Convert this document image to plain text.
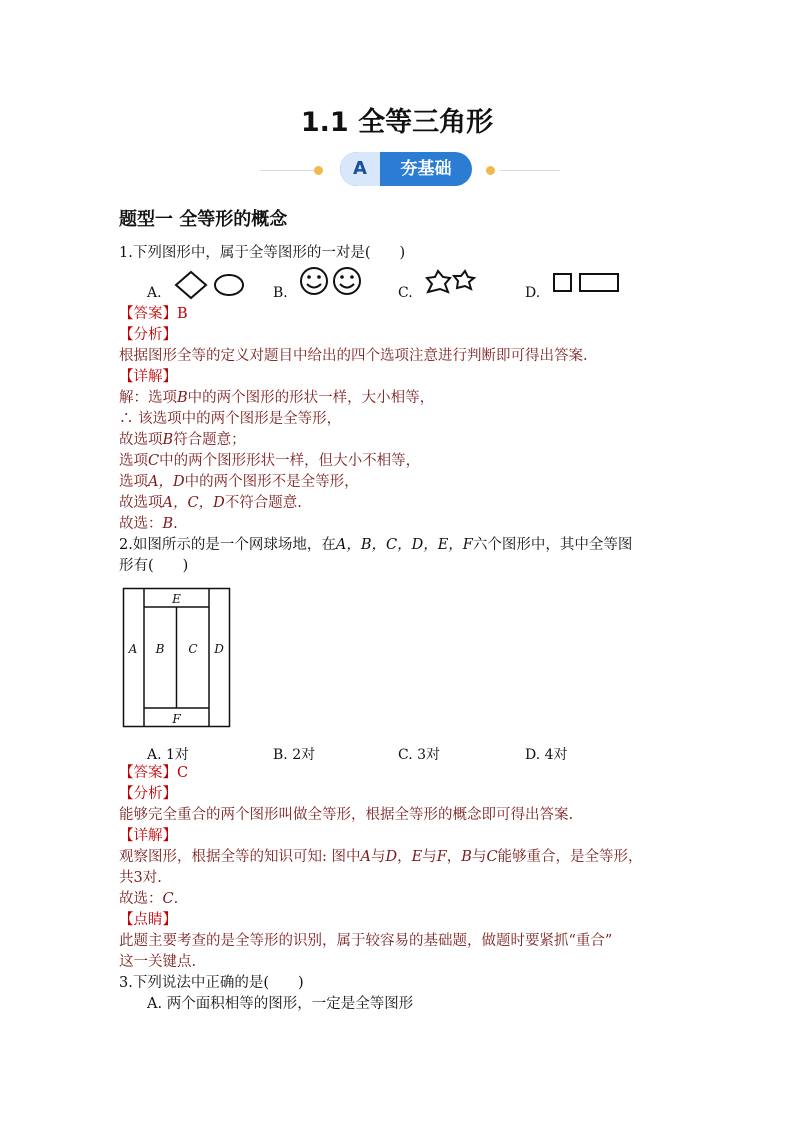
1.1 全等三角形
A	夯基础
题型一 全等形的概念
1.下列图形中，属于全等图形的一对是(　　)
A.	B.	C.	D.
【答案】B
【分析】
根据图形全等的定义对题目中给出的四个选项注意进行判断即可得出答案.
【详解】
解：选项B中的两个图形的形状一样，大小相等，
∴ 该选项中的两个图形是全等形，
故选项B符合题意；
选项C中的两个图形形状一样，但大小不相等，
选项A，D中的两个图形不是全等形，
故选项A，C，D不符合题意.
故选：B.
2.如图所示的是一个网球场地，在A，B，C，D，E，F六个图形中，其中全等图
形有(　　)
A B C D
E
F
A. 1对	B. 2对	C. 3对	D. 4对
【答案】C
【分析】
能够完全重合的两个图形叫做全等形，根据全等形的概念即可得出答案.
【详解】
观察图形，根据全等的知识可知: 图中A与D，E与F，B与C能够重合，是全等形，
共3对.
故选：C.
【点睛】
此题主要考查的是全等形的识别，属于较容易的基础题，做题时要紧抓“重合”
这一关键点.
3.下列说法中正确的是(　　)
A. 两个面积相等的图形，一定是全等图形
